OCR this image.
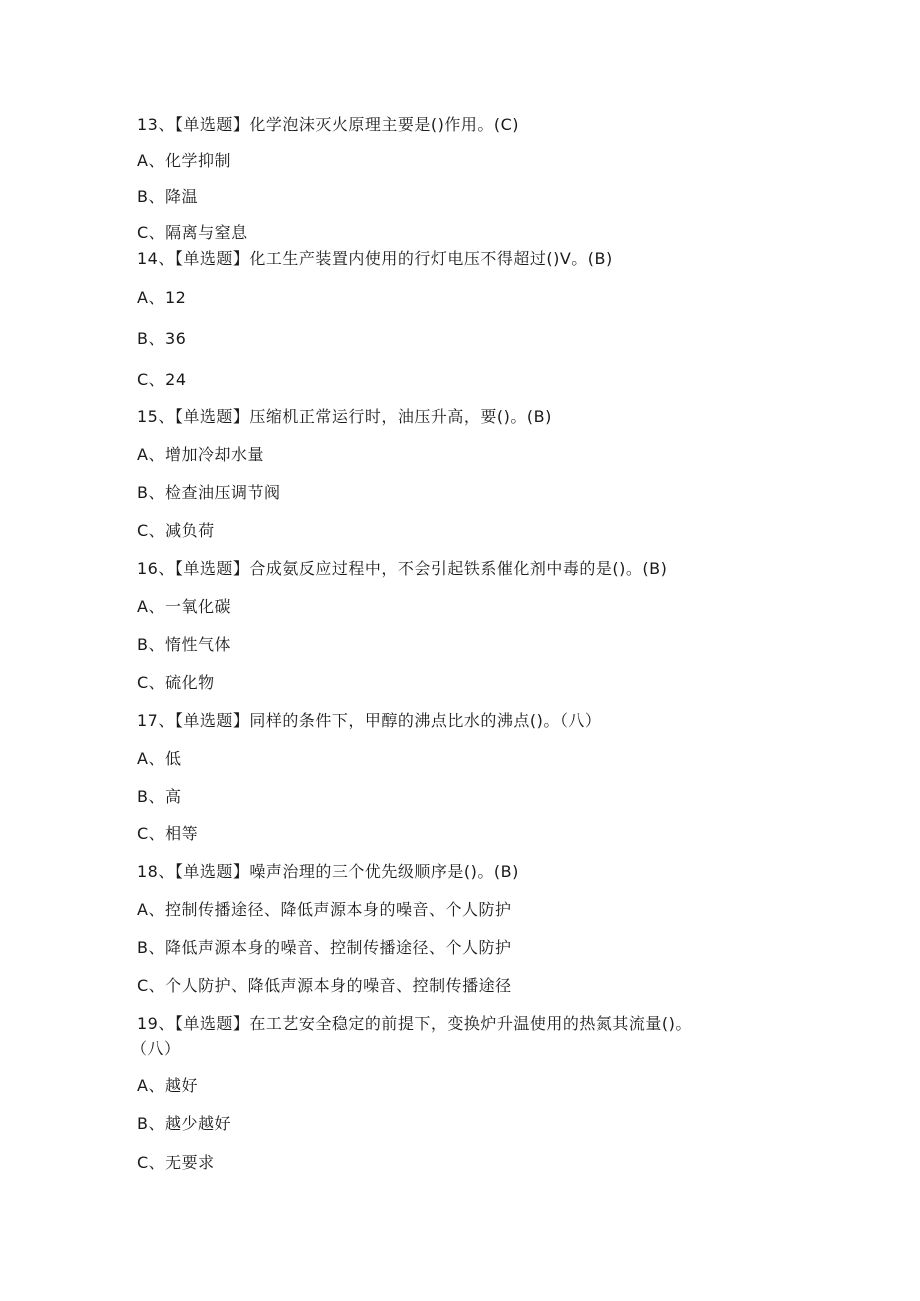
13、【单选题】化学泡沫灭火原理主要是()作用。(C)
A、化学抑制
B、降温
C、隔离与窒息
14、【单选题】化工生产装置内使用的行灯电压不得超过()V。(B)
A、12
B、36
C、24
15、【单选题】压缩机正常运行时，油压升高，要()。(B)
A、增加冷却水量
B、检查油压调节阀
C、减负荷
16、【单选题】合成氨反应过程中，不会引起铁系催化剂中毒的是()。(B)
A、一氧化碳
B、惰性气体
C、硫化物
17、【单选题】同样的条件下，甲醇的沸点比水的沸点()。（八）
A、低
B、高
C、相等
18、【单选题】噪声治理的三个优先级顺序是()。(B)
A、控制传播途径、降低声源本身的噪音、个人防护
B、降低声源本身的噪音、控制传播途径、个人防护
C、个人防护、降低声源本身的噪音、控制传播途径
19、【单选题】在工艺安全稳定的前提下，变换炉升温使用的热氮其流量()。
（八）
A、越好
B、越少越好
C、无要求
